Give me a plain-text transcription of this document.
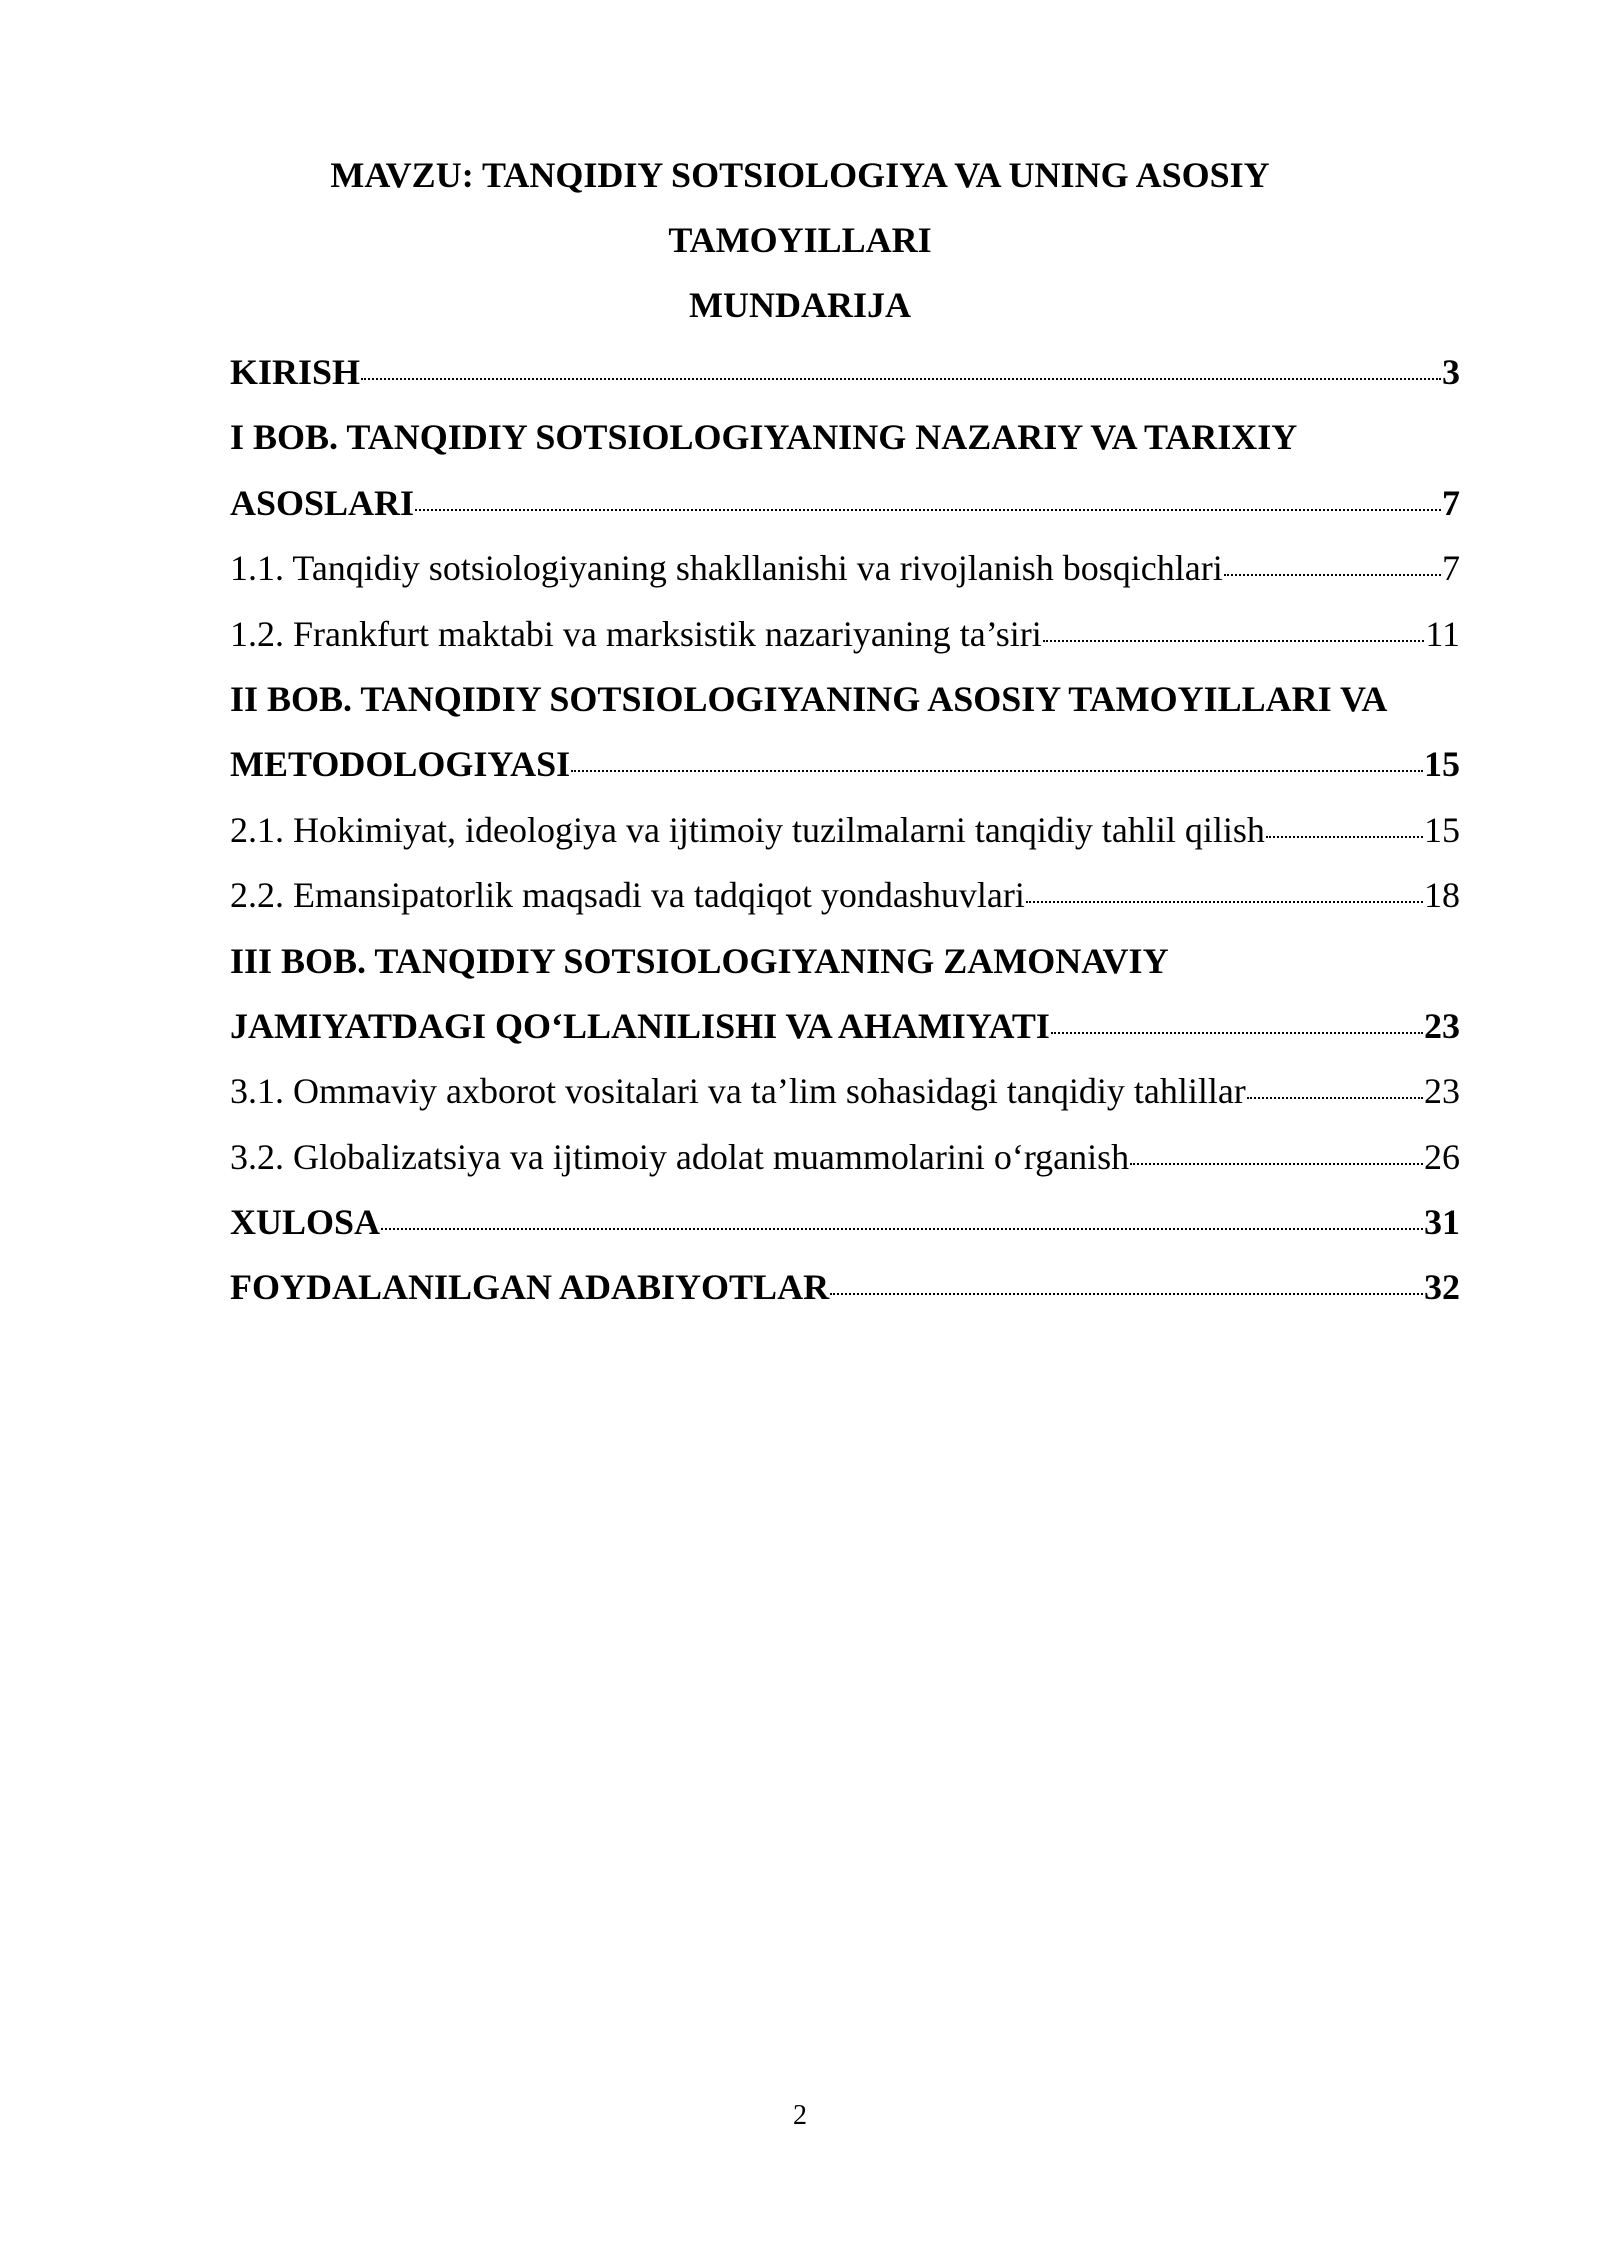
MAVZU: TANQIDIY SOTSIOLOGIYA VA UNING ASOSIY
TAMOYILLARI
MUNDARIJA
KIRISH	3
I BOB. TANQIDIY SOTSIOLOGIYANING NAZARIY VA TARIXIY
ASOSLARI	7
1.1. Tanqidiy sotsiologiyaning shakllanishi va rivojlanish bosqichlari	7
1.2. Frankfurt maktabi va marksistik nazariyaning ta’siri	11
II BOB. TANQIDIY SOTSIOLOGIYANING ASOSIY TAMOYILLARI VA
METODOLOGIYASI	15
2.1. Hokimiyat, ideologiya va ijtimoiy tuzilmalarni tanqidiy tahlil qilish	15
2.2. Emansipatorlik maqsadi va tadqiqot yondashuvlari	18
III BOB. TANQIDIY SOTSIOLOGIYANING ZAMONAVIY
JAMIYATDAGI QO‘LLANILISHI VA AHAMIYATI	23
3.1. Ommaviy axborot vositalari va ta’lim sohasidagi tanqidiy tahlillar	23
3.2. Globalizatsiya va ijtimoiy adolat muammolarini o‘rganish	26
XULOSA	31
FOYDALANILGAN ADABIYOTLAR	32
2
